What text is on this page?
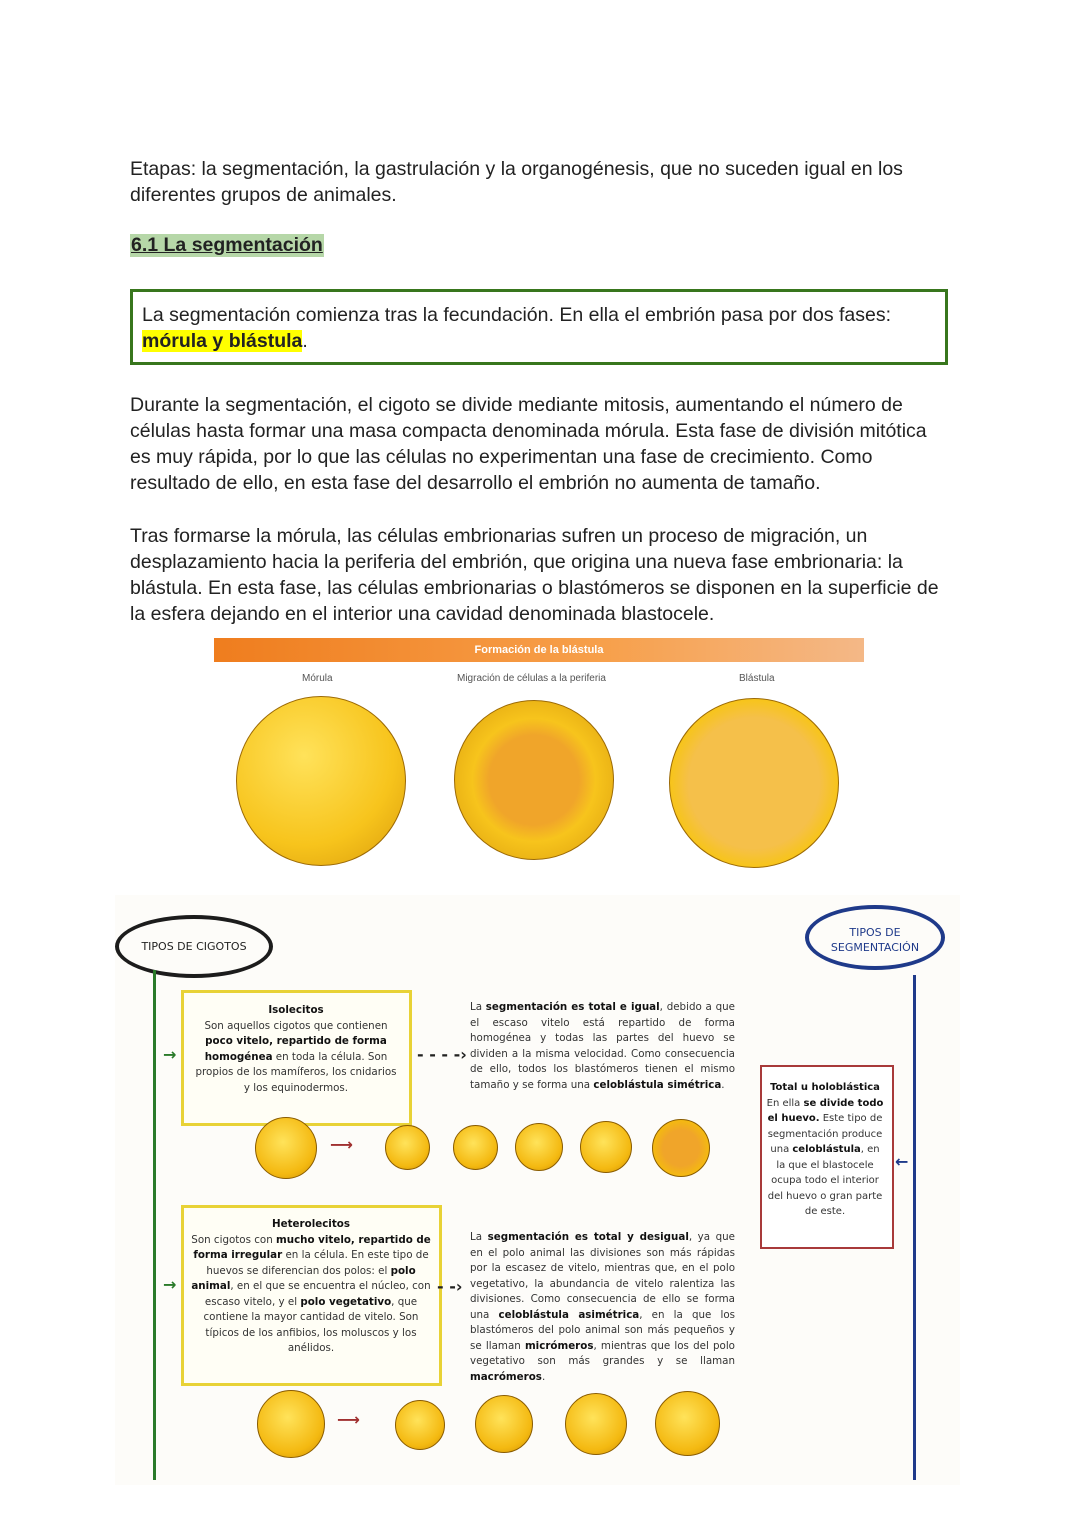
Etapas: la segmentación, la gastrulación y la organogénesis, que no suceden igual en los diferentes grupos de animales.
6.1 La segmentación
La segmentación comienza tras la fecundación. En ella el embrión pasa por dos fases: mórula y blástula.
Durante la segmentación, el cigoto se divide mediante mitosis, aumentando el número de células hasta formar una masa compacta denominada mórula. Esta fase de división mitótica es muy rápida, por lo que las células no experimentan una fase de crecimiento. Como resultado de ello, en esta fase del desarrollo el embrión no aumenta de tamaño.
Tras formarse la mórula, las células embrionarias sufren un proceso de migración, un desplazamiento hacia la periferia del embrión, que origina una nueva fase embrionaria: la blástula. En esta fase, las células embrionarias o blastómeros se disponen en la superficie de la esfera dejando en el interior una cavidad denominada blastocele.
Formación de la blástula
Mórula	Migración de células a la periferia	Blástula
TIPOS DE CIGOTOS
TIPOS DE SEGMENTACIÓN
Isolecitos
Son aquellos cigotos que contienen poco vitelo, repartido de forma homogénea en toda la célula. Son propios de los mamíferos, los cnidarios y los equinodermos.
La segmentación es total e igual, debido a que el escaso vitelo está repartido de forma homogénea y todas las partes del huevo se dividen a la misma velocidad. Como consecuencia de ello, todos los blastómeros tienen el mismo tamaño y se forma una celoblástula simétrica.
- - - -›
→
⟶
Total u holoblástica
En ella se divide todo el huevo. Este tipo de segmentación produce una celoblástula, en la que el blastocele ocupa todo el interior del huevo o gran parte de este.
←
Heterolecitos
Son cigotos con mucho vitelo, repartido de forma irregular en la célula. En este tipo de huevos se diferencian dos polos: el polo animal, en el que se encuentra el núcleo, con escaso vitelo, y el polo vegetativo, que contiene la mayor cantidad de vitelo. Son típicos de los anfibios, los moluscos y los anélidos.
La segmentación es total y desigual, ya que en el polo animal las divisiones son más rápidas por la escasez de vitelo, mientras que, en el polo vegetativo, la abundancia de vitelo ralentiza las divisiones. Como consecuencia de ello se forma una celoblástula asimétrica, en la que los blastómeros del polo animal son más pequeños y se llaman micrómeros, mientras que los del polo vegetativo son más grandes y se llaman macrómeros.
- -›
→
⟶
